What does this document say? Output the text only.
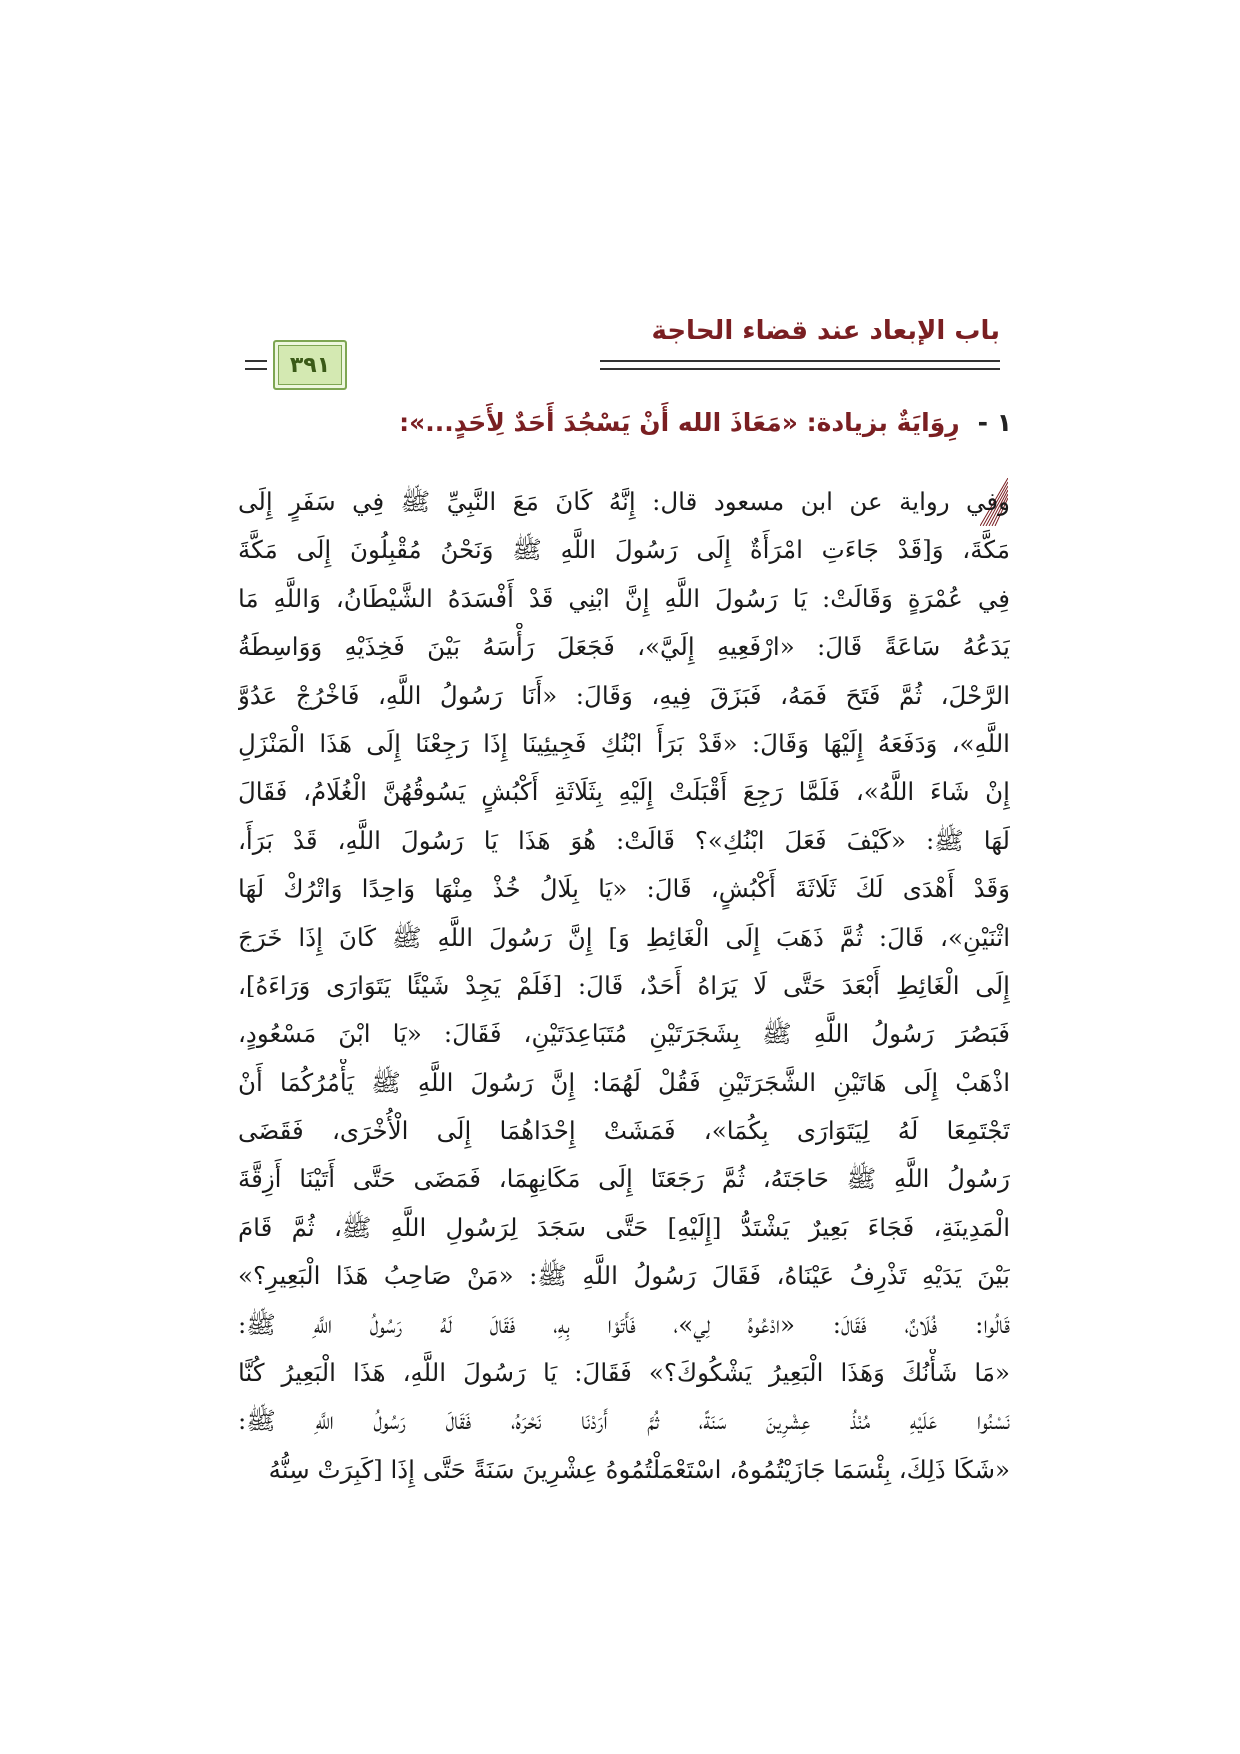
باب الإبعاد عند قضاء الحاجة
٣٩١
١ -رِوَايَةٌ بزيادة: «مَعَاذَ الله أَنْ يَسْجُدَ أَحَدٌ لِأَحَدٍ...»:
وفي رواية عن ابن مسعود قال: إِنَّهُ كَانَ مَعَ النَّبِيِّ ﷺ فِي سَفَرٍ إِلَى
مَكَّةَ، وَ[قَدْ جَاءَتِ امْرَأَةٌ إِلَى رَسُولَ اللَّهِ ﷺ وَنَحْنُ مُقْبِلُونَ إِلَى مَكَّةَ
فِي عُمْرَةٍ وَقَالَتْ: يَا رَسُولَ اللَّهِ إِنَّ ابْنِي قَدْ أَفْسَدَهُ الشَّيْطَانُ، وَاللَّهِ مَا
يَدَعُهُ سَاعَةً قَالَ: «ارْفَعِيهِ إِلَيَّ»، فَجَعَلَ رَأْسَهُ بَيْنَ فَخِذَيْهِ وَوَاسِطَةُ
الرَّحْلَ، ثُمَّ فَتَحَ فَمَهُ، فَبَزَقَ فِيهِ، وَقَالَ: «أَنَا رَسُولُ اللَّهِ، فَاخْرُجْ عَدُوَّ
اللَّهِ»، وَدَفَعَهُ إِلَيْهَا وَقَالَ: «قَدْ بَرَأَ ابْنُكِ فَجِيئِينَا إِذَا رَجِعْنَا إِلَى هَذَا الْمَنْزَلِ
إِنْ شَاءَ اللَّهُ»، فَلَمَّا رَجِعَ أَقْبَلَتْ إِلَيْهِ بِثَلَاثَةِ أَكْبُشٍ يَسُوقُهُنَّ الْغُلَامُ، فَقَالَ
لَهَا ﷺ: «كَيْفَ فَعَلَ ابْنُكِ»؟ قَالَتْ: هُوَ هَذَا يَا رَسُولَ اللَّهِ، قَدْ بَرَأَ،
وَقَدْ أَهْدَى لَكَ ثَلَاثَةَ أَكْبُشٍ، قَالَ: «يَا بِلَالُ خُذْ مِنْهَا وَاحِدًا وَاتْرُكْ لَهَا
اثْنَيْنِ»، قَالَ: ثُمَّ ذَهَبَ إِلَى الْغَائِطِ وَ] إِنَّ رَسُولَ اللَّهِ ﷺ كَانَ إِذَا خَرَجَ
إِلَى الْغَائِطِ أَبْعَدَ حَتَّى لَا يَرَاهُ أَحَدٌ، قَالَ: [فَلَمْ يَجِدْ شَيْئًا يَتَوَارَى وَرَاءَهُ]،
فَبَصُرَ رَسُولُ اللَّهِ ﷺ بِشَجَرَتَيْنِ مُتَبَاعِدَتَيْنِ، فَقَالَ: «يَا ابْنَ مَسْعُودٍ،
اذْهَبْ إِلَى هَاتَيْنِ الشَّجَرَتَيْنِ فَقُلْ لَهُمَا: إِنَّ رَسُولَ اللَّهِ ﷺ يَأْمُرُكُمَا أَنْ
تَجْتَمِعَا لَهُ لِيَتَوَارَى بِكُمَا»، فَمَشَتْ إِحْدَاهُمَا إِلَى الْأُخْرَى، فَقَضَى
رَسُولُ اللَّهِ ﷺ حَاجَتَهُ، ثُمَّ رَجَعَتَا إِلَى مَكَانِهِمَا، فَمَضَى حَتَّى أَتَيْنَا أَزِقَّةَ
الْمَدِينَةِ، فَجَاءَ بَعِيرٌ يَشْتَدُّ [إِلَيْهِ] حَتَّى سَجَدَ لِرَسُولِ اللَّهِ ﷺ، ثُمَّ قَامَ
بَيْنَ يَدَيْهِ تَذْرِفُ عَيْنَاهُ، فَقَالَ رَسُولُ اللَّهِ ﷺ: «مَنْ صَاحِبُ هَذَا الْبَعِيرِ؟»
قَالُوا: فُلَانٌ، فَقَالَ: «ادْعُوهُ لِي»، فَأَتَوْا بِهِ، فَقَالَ لَهُ رَسُولُ اللَّهِ ﷺ:
«مَا شَأْنُكَ وَهَذَا الْبَعِيرُ يَشْكُوكَ؟» فَقَالَ: يَا رَسُولَ اللَّهِ، هَذَا الْبَعِيرُ كُنَّا
نَسْنُوا عَلَيْهِ مُنْذُ عِشْرِينَ سَنَةً، ثُمَّ أَرَدْنَا نَحْرَهُ، فَقَالَ رَسُولُ اللَّهِ ﷺ:
«شَكَا ذَلِكَ، بِئْسَمَا جَازَيْتُمُوهُ، اسْتَعْمَلْتُمُوهُ عِشْرِينَ سَنَةً حَتَّى إِذَا [كَبِرَتْ سِنُّهُ
